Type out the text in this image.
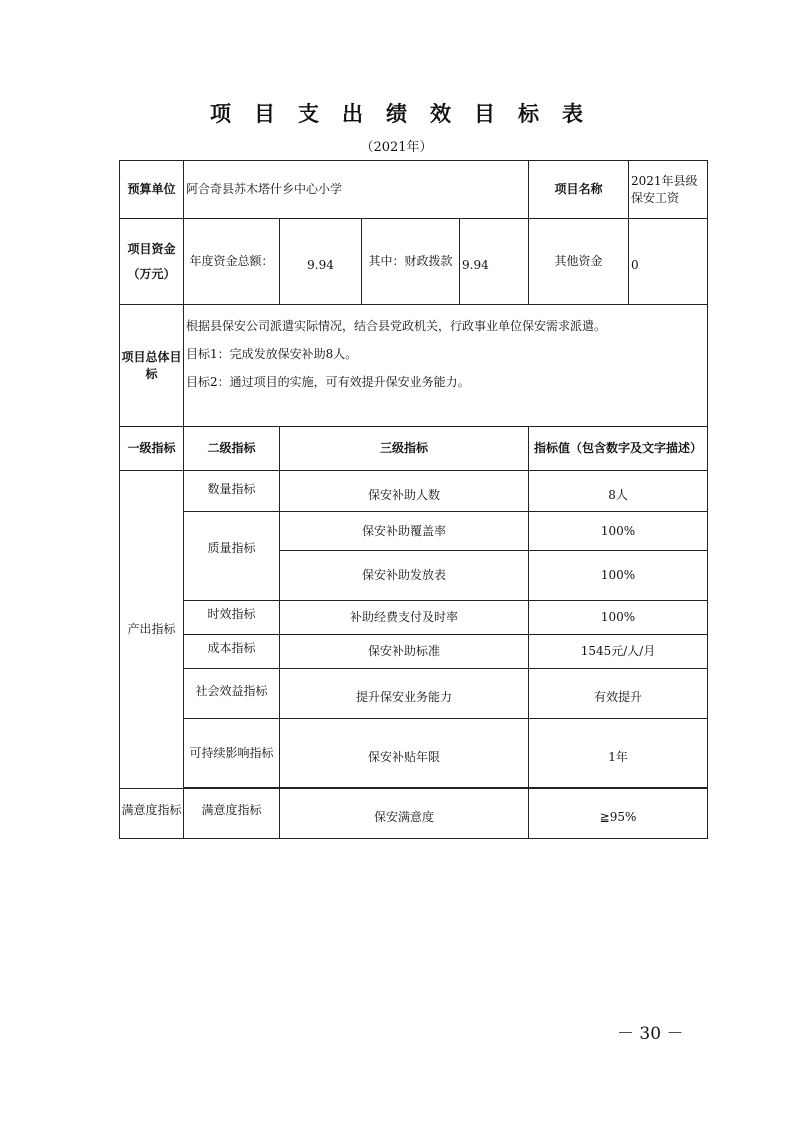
项目支出绩效目标表
（2021年）
预算单位	阿合奇县苏木塔什乡中心小学				项目名称	2021年县级保安工资

项目资金
（万元）	年度资金总额：	9.94	其中：财政拨款	9.94	其他资金	0
项目总体目标	根据县保安公司派遣实际情况，结合县党政机关，行政事业单位保安需求派遣。

目标1：完成发放保安补助8人。

目标2：通过项目的实施，可有效提升保安业务能力。					

一级指标	二级指标	三级指标			指标值（包含数字及文字描述）	
产出指标	数量指标	保安补助人数			8人	
	质量指标	保安补助覆盖率			100%	
		保安补助发放表			100%	
	时效指标	补助经费支付及时率			100%	
	成本指标	保安补助标准			1545元/人/月	
	社会效益指标	提升保安业务能力			有效提升	
	可持续影响指标	保安补贴年限			1年	

满意度指标	满意度指标	保安满意度			≧95%	
－ 30 －
